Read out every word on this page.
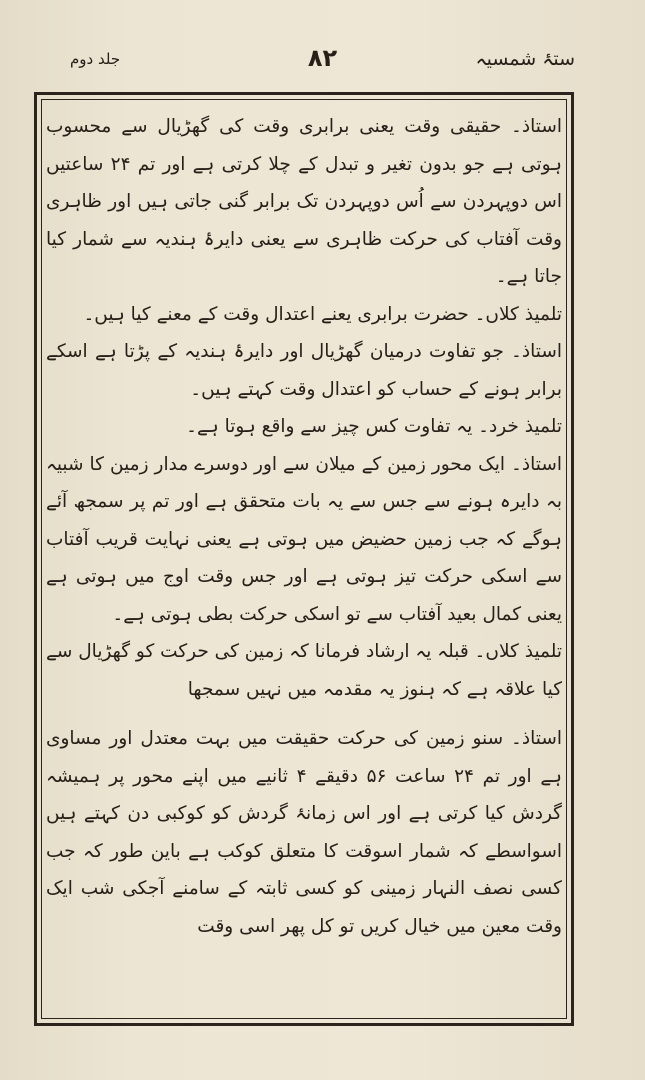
ستۂ شمسیہ
۸۲
جلد دوم

استاذ۔ حقیقی وقت یعنی برابری وقت کی گھڑیال سے محسوب ہوتی ہے جو بدون تغیر و تبدل کے چلا کرتی ہے اور تم ۲۴ ساعتیں اس دوپہردن سے اُس دوپہردن تک برابر گنی جاتی ہیں اور ظاہری وقت آفتاب کی حرکت ظاہری سے یعنی دایرۂ ہندیہ سے شمار کیا جاتا ہے۔

تلمیذ کلاں۔ حضرت برابری یعنے اعتدال وقت کے معنے کیا ہیں۔

استاذ۔ جو تفاوت درمیان گھڑیال اور دایرۂ ہندیہ کے پڑتا ہے اسکے برابر ہونے کے حساب کو اعتدال وقت کہتے ہیں۔

تلمیذ خرد۔ یہ تفاوت کس چیز سے واقع ہوتا ہے۔

استاذ۔ ایک محور زمین کے میلان سے اور دوسرے مدار زمین کا شبیہ بہ دایرہ ہونے سے جس سے یہ بات متحقق ہے اور تم پر سمجھ آئے ہوگے کہ جب زمین حضیض میں ہوتی ہے یعنی نہایت قریب آفتاب سے اسکی حرکت تیز ہوتی ہے اور جس وقت اوج میں ہوتی ہے یعنی کمال بعید آفتاب سے تو اسکی حرکت بطی ہوتی ہے۔

تلمیذ کلاں۔ قبلہ یہ ارشاد فرمانا کہ زمین کی حرکت کو گھڑیال سے کیا علاقہ ہے کہ ہنوز یہ مقدمہ میں نہیں سمجھا

استاذ۔ سنو زمین کی حرکت حقیقت میں بہت معتدل اور مساوی ہے اور تم ۲۴ ساعت ۵۶ دقیقے ۴ ثانیے میں اپنے محور پر ہمیشہ گردش کیا کرتی ہے اور اس زمانۂ گردش کو کوکبی دن کہتے ہیں اسواسطے کہ شمار اسوقت کا متعلق کوکب ہے باین طور کہ جب کسی نصف النہار زمینی کو کسی ثابتہ کے سامنے آجکی شب ایک وقت معین میں خیال کریں تو کل پھر اسی وقت
